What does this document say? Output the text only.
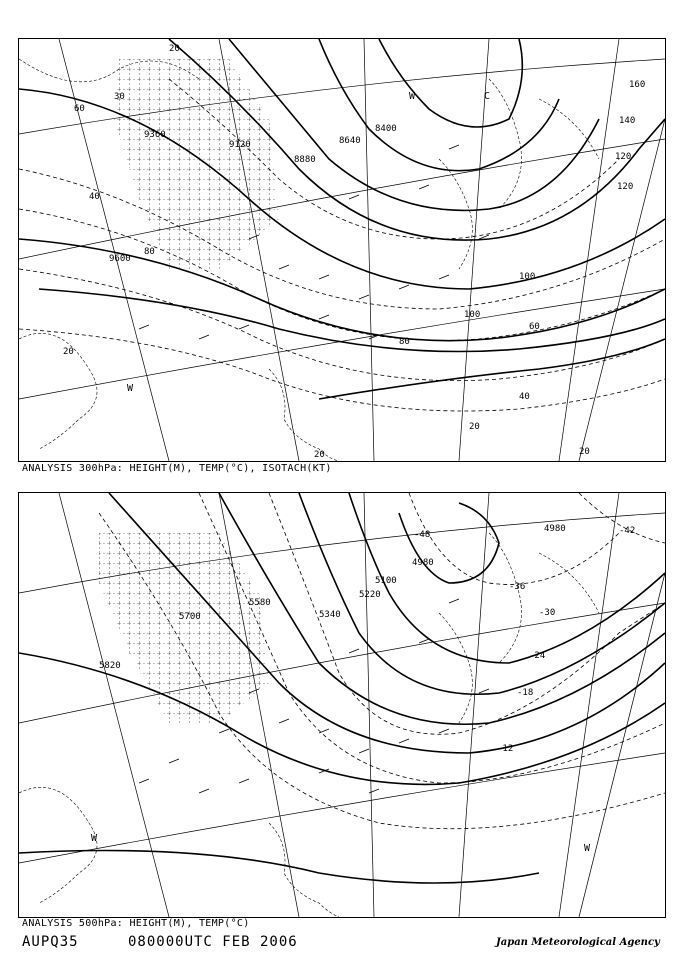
9360
9120
8880
8640
8400
9600
20
30
40
60
80
100
120
140
160
20
20
40
60
80
100
120
20	20
W
W	C
ANALYSIS 300hPa: HEIGHT(M), TEMP(°C), ISOTACH(KT)
5820
5700
5580
5340
5100
4980
5220
4980	-42
-30
-36
-24
-18
-12
-48
W
W
ANALYSIS 500hPa: HEIGHT(M), TEMP(°C)
AUPQ35	080000UTC FEB 2006	Japan Meteorological Agency
